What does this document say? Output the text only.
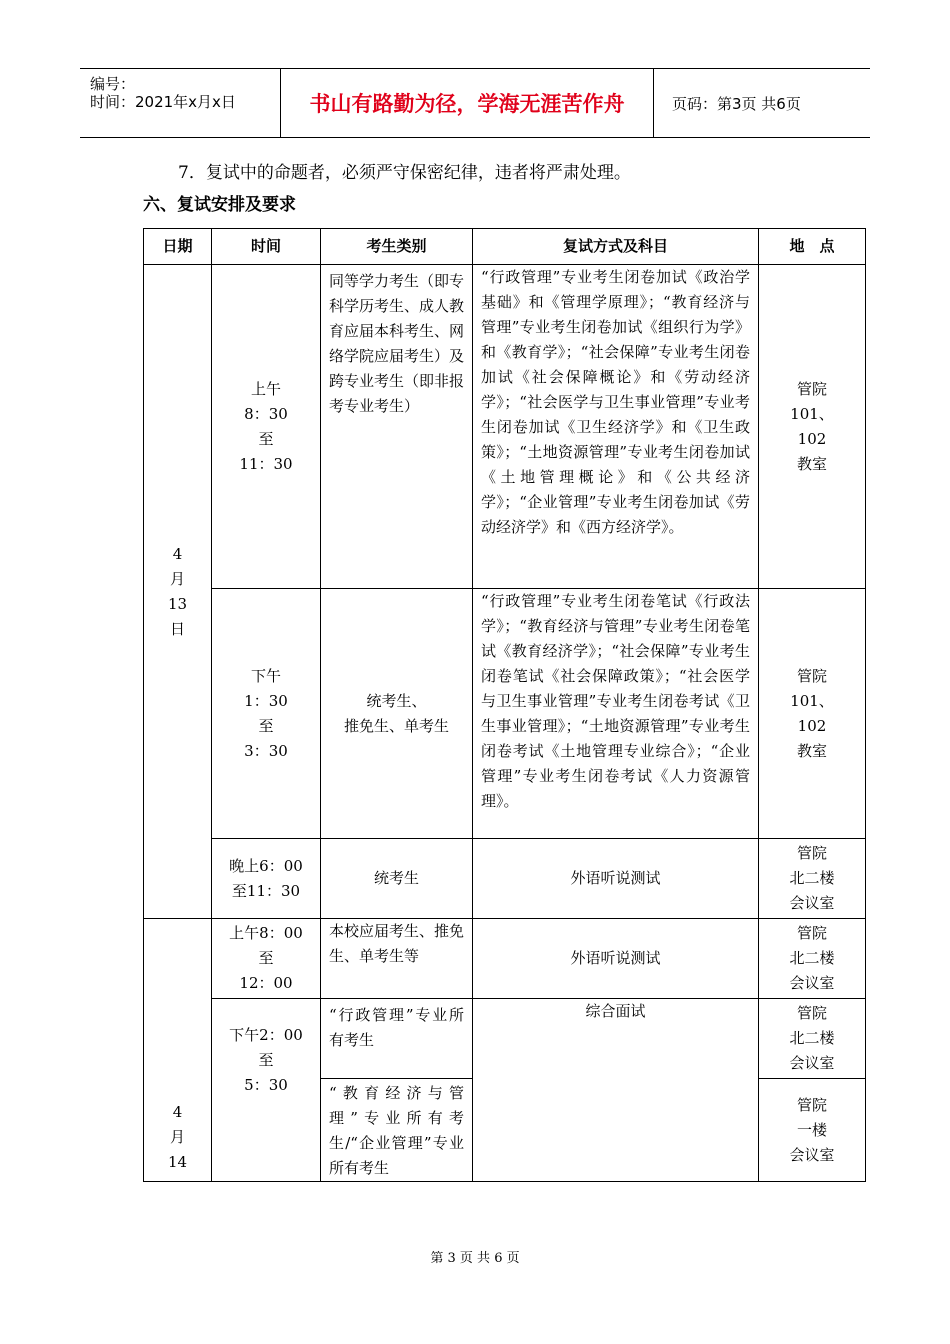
编号：
时间：2021年x月x日	书山有路勤为径，学海无涯苦作舟	页码：第3页 共6页
7．复试中的命题者，必须严守保密纪律，违者将严肃处理。
六、复试安排及要求
日期	时间	考生类别	复试方式及科目	地　点

4
月
13
日	上午
8：30
至
11：30	同等学力考生（即专科学历考生、成人教育应届本科考生、网络学院应届考生）及跨专业考生（即非报考专业考生）	“行政管理”专业考生闭卷加试《政治学基础》和《管理学原理》；“教育经济与管理”专业考生闭卷加试《组织行为学》和《教育学》；“社会保障”专业考生闭卷加试《社会保障概论》和《劳动经济学》；“社会医学与卫生事业管理”专业考生闭卷加试《卫生经济学》和《卫生政策》；“土地资源管理”专业考生闭卷加试《土地管理概论》和《公共经济学》；“企业管理”专业考生闭卷加试《劳动经济学》和《西方经济学》。	管院
101、
102
教室

	下午
1：30
至
3：30	统考生、
推免生、单考生	“行政管理”专业考生闭卷笔试《行政法学》；“教育经济与管理”专业考生闭卷笔试《教育经济学》；“社会保障”专业考生闭卷笔试《社会保障政策》；“社会医学与卫生事业管理”专业考生闭卷考试《卫生事业管理》；“土地资源管理”专业考生闭卷考试《土地管理专业综合》；“企业管理”专业考生闭卷考试《人力资源管理》。	管院
101、
102
教室

	晚上6：00
至11：30	统考生	外语听说测试	管院
北二楼
会议室

4
月
14	上午8：00
至
12：00	本校应届考生、推免生、单考生等	外语听说测试	管院
北二楼
会议室

	下午2：00
至
5：30	“行政管理”专业所有考生	综合面试	管院
北二楼
会议室

		“教育经济与管理”专业所有考生/“企业管理”专业所有考生		管院
一楼
会议室
第 3 页 共 6 页
